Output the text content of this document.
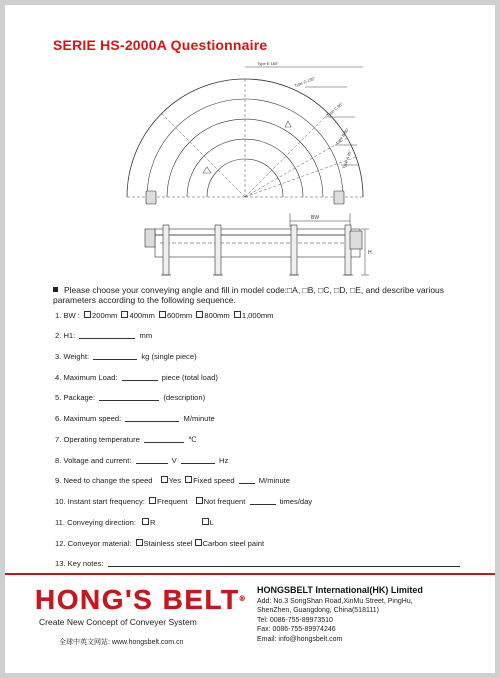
SERIE HS-2000A Questionnaire
Type E 180°
Type D 135°
Type C 90°
Type B 60°
Type A 45°
BW
H
Please choose your conveying angle and fill in model code:□A, □B, □C, □D, □E, and describe various parameters according to the following sequence.
1. BW : 200mm 400mm 600mm 800mm 1,000mm
2. H1:	mm
3. Weight:	kg (single piece)
4. Maximum Load:	piece (total load)
5. Package:	(description)
6. Maximum speed:	M/minute
7. Operating temperature	℃
8. Voltage and current:	V	Hz
9. Need to change the speed Yes Fixed speed	M/minute
10. Instant start frequency: Frequent Not frequent	times/day
11. Conveying direction: R	L
12. Conveyor material: Stainless steel Carbon steel paint
13. Key notes:
HONG'S BELT®
Create New Concept of Conveyer System
全球中英文网站: www.hongsbelt.com.cn
HONGSBELT International(HK) Limited
Add: No.3 SongShan Road,XinMu Street, PingHu,
ShenZhen, Guangdong, China(518111)
Tel: 0086-755-89973510
Fax: 0086-755-89974246
Email: info@hongsbelt.com
